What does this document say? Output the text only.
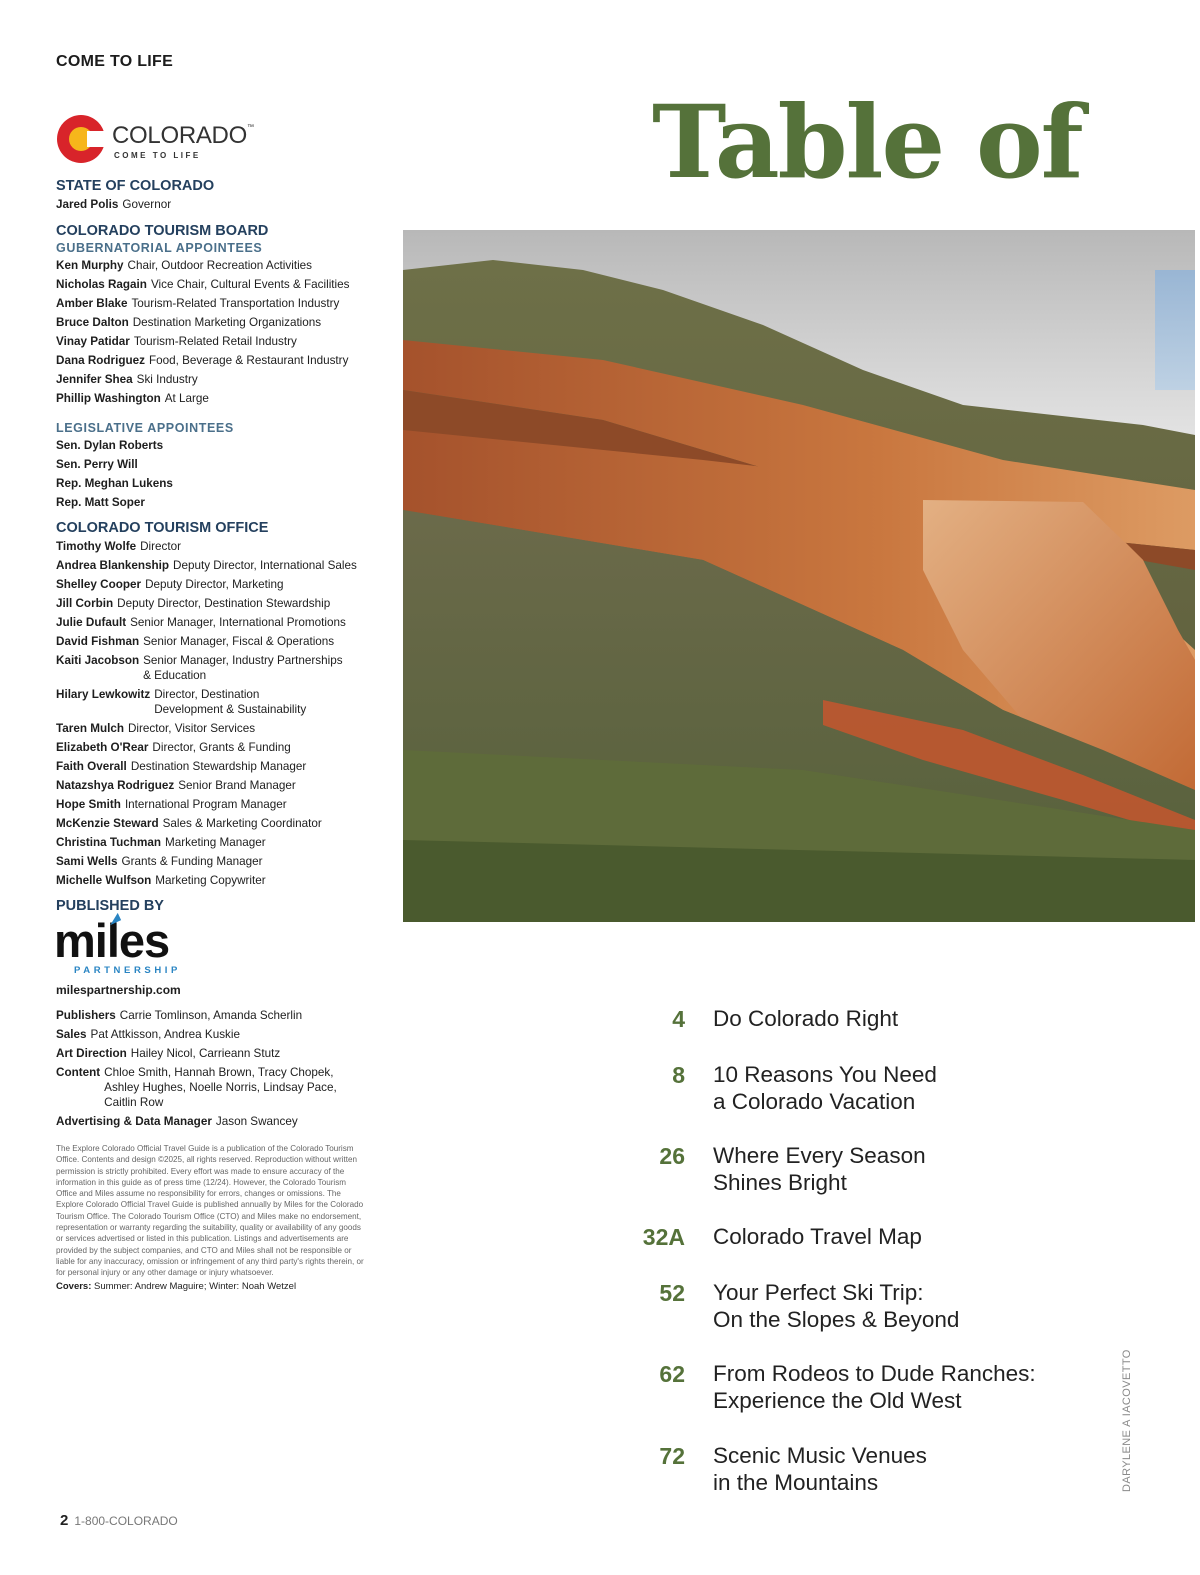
COME TO LIFE
COLORADO™
COME TO LIFE
STATE OF COLORADO
Jared Polis Governor
COLORADO TOURISM BOARD
GUBERNATORIAL APPOINTEES
Ken Murphy Chair, Outdoor Recreation Activities
Nicholas Ragain Vice Chair, Cultural Events & Facilities
Amber Blake Tourism-Related Transportation Industry
Bruce Dalton Destination Marketing Organizations
Vinay Patidar Tourism-Related Retail Industry
Dana Rodriguez Food, Beverage & Restaurant Industry
Jennifer Shea Ski Industry
Phillip Washington At Large
LEGISLATIVE APPOINTEES
Sen. Dylan Roberts
Sen. Perry Will
Rep. Meghan Lukens
Rep. Matt Soper
COLORADO TOURISM OFFICE
Timothy Wolfe Director
Andrea Blankenship Deputy Director, International Sales
Shelley Cooper Deputy Director, Marketing
Jill Corbin Deputy Director, Destination Stewardship
Julie Dufault Senior Manager, International Promotions
David Fishman Senior Manager, Fiscal & Operations
Kaiti Jacobson Senior Manager, Industry Partnerships
& Education
Hilary Lewkowitz Director, Destination
Development & Sustainability
Taren Mulch Director, Visitor Services
Elizabeth O'Rear Director, Grants & Funding
Faith Overall Destination Stewardship Manager
Natazshya Rodriguez Senior Brand Manager
Hope Smith International Program Manager
McKenzie Steward Sales & Marketing Coordinator
Christina Tuchman Marketing Manager
Sami Wells Grants & Funding Manager
Michelle Wulfson Marketing Copywriter
PUBLISHED BY
miles
PARTNERSHIP
milespartnership.com
Publishers Carrie Tomlinson, Amanda Scherlin
Sales Pat Attkisson, Andrea Kuskie
Art Direction Hailey Nicol, Carrieann Stutz
Content Chloe Smith, Hannah Brown, Tracy Chopek,
Ashley Hughes, Noelle Norris, Lindsay Pace,
Caitlin Row
Advertising & Data Manager Jason Swancey
The Explore Colorado Official Travel Guide is a publication of the Colorado Tourism Office. Contents and design ©2025, all rights reserved. Reproduction without written permission is strictly prohibited. Every effort was made to ensure accuracy of the information in this guide as of press time (12/24). However, the Colorado Tourism Office and Miles assume no responsibility for errors, changes or omissions. The Explore Colorado Official Travel Guide is published annually by Miles for the Colorado Tourism Office. The Colorado Tourism Office (CTO) and Miles make no endorsement, representation or warranty regarding the suitability, quality or availability of any goods or services advertised or listed in this publication. Listings and advertisements are provided by the subject companies, and CTO and Miles shall not be responsible or liable for any inaccuracy, omission or infringement of any third party's rights therein, or for personal injury or any other damage or injury whatsoever.
Covers: Summer: Andrew Maguire; Winter: Noah Wetzel
2 1-800-COLORADO
Table of
4 Do Colorado Right
8 10 Reasons You Need
a Colorado Vacation
26 Where Every Season
Shines Bright
32A Colorado Travel Map
52 Your Perfect Ski Trip:
On the Slopes & Beyond
62 From Rodeos to Dude Ranches:
Experience the Old West
72 Scenic Music Venues
in the Mountains	DARYLENE A IACOVETTO
